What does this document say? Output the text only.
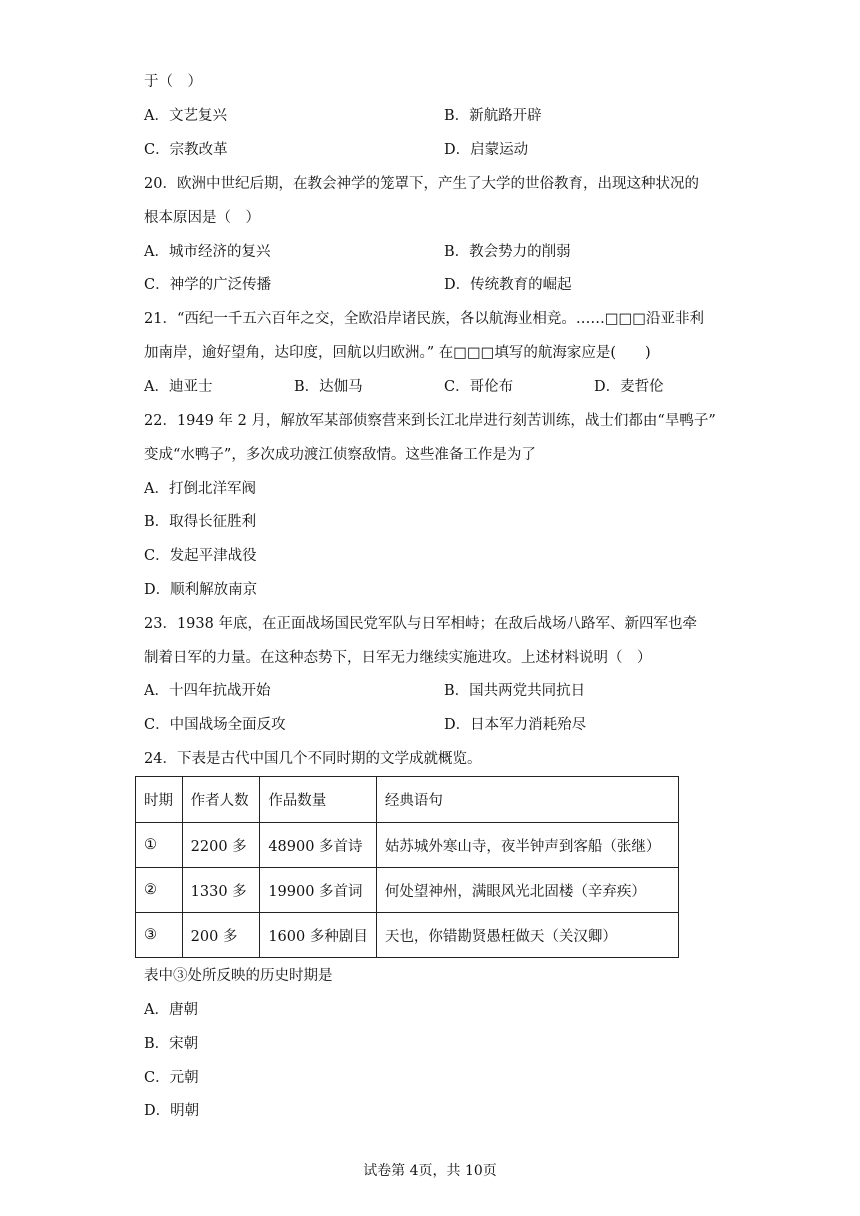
于（　）
A．文艺复兴	B．新航路开辟
C．宗教改革	D．启蒙运动
20．欧洲中世纪后期，在教会神学的笼罩下，产生了大学的世俗教育，出现这种状况的
根本原因是（　）
A．城市经济的复兴	B．教会势力的削弱
C．神学的广泛传播	D．传统教育的崛起
21．“西纪一千五六百年之交，全欧沿岸诸民族，各以航海业相竞。……□□□沿亚非利
加南岸，逾好望角，达印度，回航以归欧洲。” 在□□□填写的航海家应是(　　)
A．迪亚士	B．达伽马	C．哥伦布	D．麦哲伦
22．1949 年 2 月，解放军某部侦察营来到长江北岸进行刻苦训练，战士们都由“旱鸭子”
变成“水鸭子”，多次成功渡江侦察敌情。这些准备工作是为了
A．打倒北洋军阀
B．取得长征胜利
C．发起平津战役
D．顺利解放南京
23．1938 年底，在正面战场国民党军队与日军相峙；在敌后战场八路军、新四军也牵
制着日军的力量。在这种态势下，日军无力继续实施进攻。上述材料说明（　）
A．十四年抗战开始	B．国共两党共同抗日
C．中国战场全面反攻	D．日本军力消耗殆尽
24．下表是古代中国几个不同时期的文学成就概览。
时期	作者人数	作品数量	经典语句
①	2200 多	48900 多首诗	姑苏城外寒山寺，夜半钟声到客船（张继）
②	1330 多	19900 多首词	何处望神州，满眼风光北固楼（辛弃疾）
③	200 多	1600 多种剧目	天也，你错勘贤愚枉做天（关汉卿）
表中③处所反映的历史时期是
A．唐朝
B．宋朝
C．元朝
D．明朝
试卷第 4页，共 10页
